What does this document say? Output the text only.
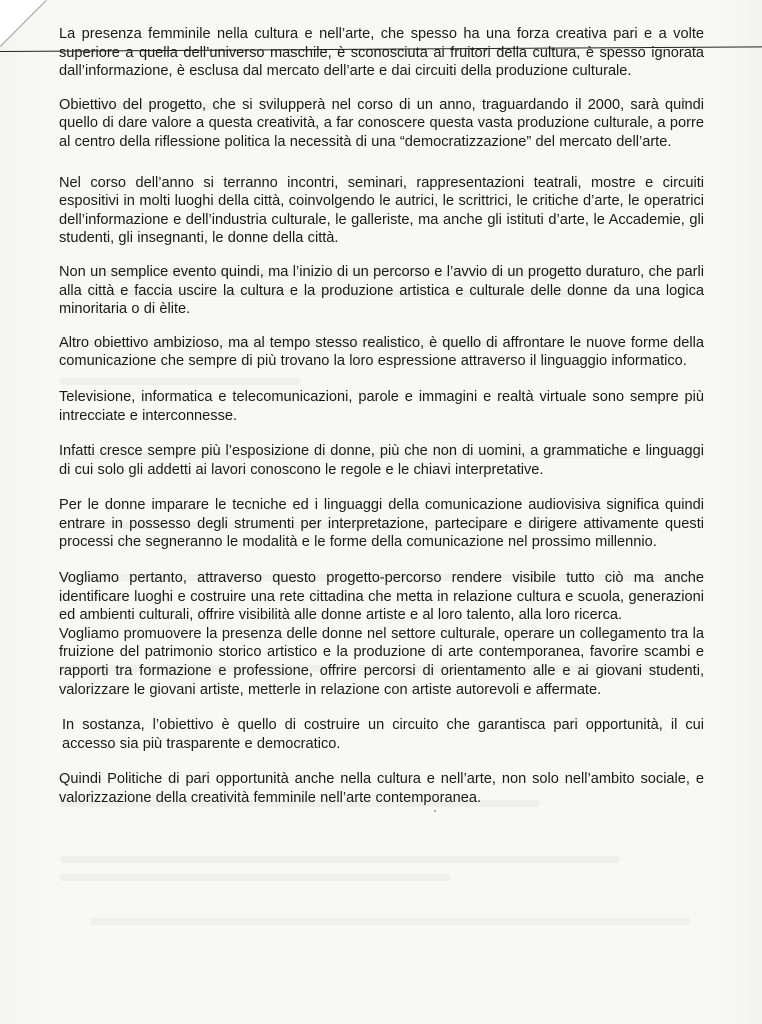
La presenza femminile nella cultura e nell’arte, che spesso ha una forza creativa pari e a volte superiore a quella dell’universo maschile, è sconosciuta ai fruitori della cultura, è spesso ignorata dall’informazione, è esclusa dal mercato dell’arte e dai circuiti della produzione culturale.

Obiettivo del progetto, che si svilupperà nel corso di un anno, traguardando il 2000, sarà quindi quello di dare valore a questa creatività, a far conoscere questa vasta produzione culturale, a porre al centro della riflessione politica la necessità di una “democratizzazione” del mercato dell’arte.

Nel corso dell’anno si terranno incontri, seminari, rappresentazioni teatrali, mostre e circuiti espositivi in molti luoghi della città, coinvolgendo le autrici, le scrittrici, le critiche d’arte, le operatrici dell’informazione e dell’industria culturale, le galleriste, ma anche gli istituti d’arte, le Accademie, gli studenti, gli insegnanti, le donne della città.

Non un semplice evento quindi, ma l’inizio di un percorso e l’avvio di un progetto duraturo, che parli alla città e faccia uscire la cultura e la produzione artistica e culturale delle donne da una logica minoritaria o di èlite.

Altro obiettivo ambizioso, ma al tempo stesso realistico, è quello di affrontare le nuove forme della comunicazione che sempre di più trovano la loro espressione attraverso il linguaggio informatico.

Televisione, informatica e telecomunicazioni, parole e immagini e realtà virtuale sono sempre più intrecciate e interconnesse.

Infatti cresce sempre più l’esposizione di donne, più che non di uomini, a grammatiche e linguaggi di cui solo gli addetti ai lavori conoscono le regole e le chiavi interpretative.

Per le donne imparare le tecniche ed i linguaggi della comunicazione audiovisiva significa quindi entrare in possesso degli strumenti per interpretazione, partecipare e dirigere attivamente questi processi che segneranno le modalità e le forme della comunicazione nel prossimo millennio.

Vogliamo pertanto, attraverso questo progetto-percorso rendere visibile tutto ciò ma anche identificare luoghi e costruire una rete cittadina che metta in relazione cultura e scuola, generazioni ed ambienti culturali, offrire visibilità alle donne artiste e al loro talento, alla loro ricerca.

Vogliamo promuovere la presenza delle donne nel settore culturale, operare un collegamento tra la fruizione del patrimonio storico artistico e la produzione di arte contemporanea, favorire scambi e rapporti tra formazione e professione, offrire percorsi di orientamento alle e ai giovani studenti, valorizzare le giovani artiste, metterle in relazione con artiste autorevoli e affermate.

In sostanza, l’obiettivo è quello di costruire un circuito che garantisca pari opportunità, il cui accesso sia più trasparente e democratico.

Quindi Politiche di pari opportunità anche nella cultura e nell’arte, non solo nell’ambito sociale, e valorizzazione della creatività femminile nell’arte contemporanea.
